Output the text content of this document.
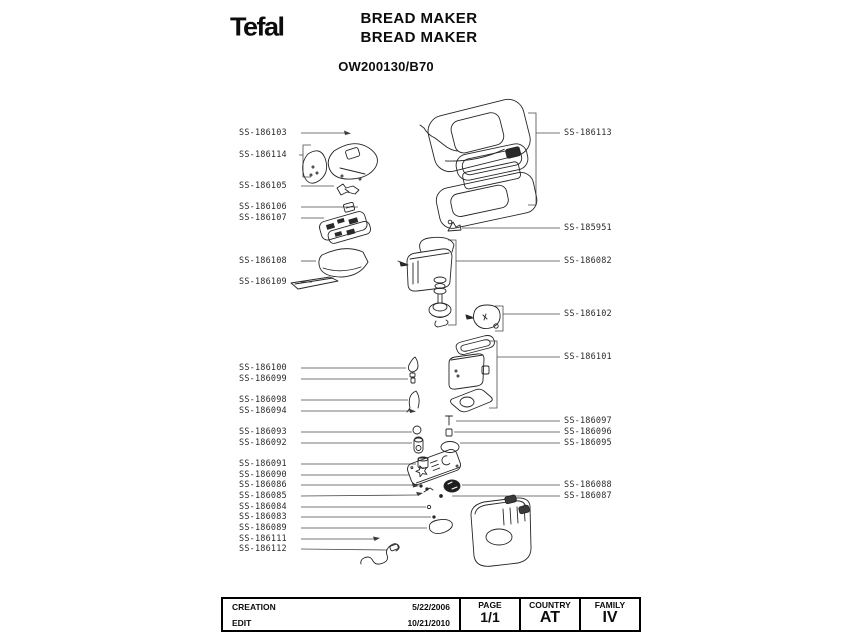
Tefal	BREAD MAKER
BREAD MAKER
OW200130/B70
SS-186103
SS-186114
SS-186105
SS-186106
SS-186107
SS-186108
SS-186109
SS-186100
SS-186099
SS-186098
SS-186094
SS-186093
SS-186092
SS-186091
SS-186090
SS-186086
SS-186085
SS-186084
SS-186083
SS-186089
SS-186111
SS-186112
SS-186113
SS-185951
SS-186082
SS-186102
SS-186101
SS-186097
SS-186096
SS-186095
SS-186088
SS-186087
CREATION	5/22/2006
EDIT	10/21/2010
PAGE
1/1
COUNTRY
AT
FAMILY
IV
